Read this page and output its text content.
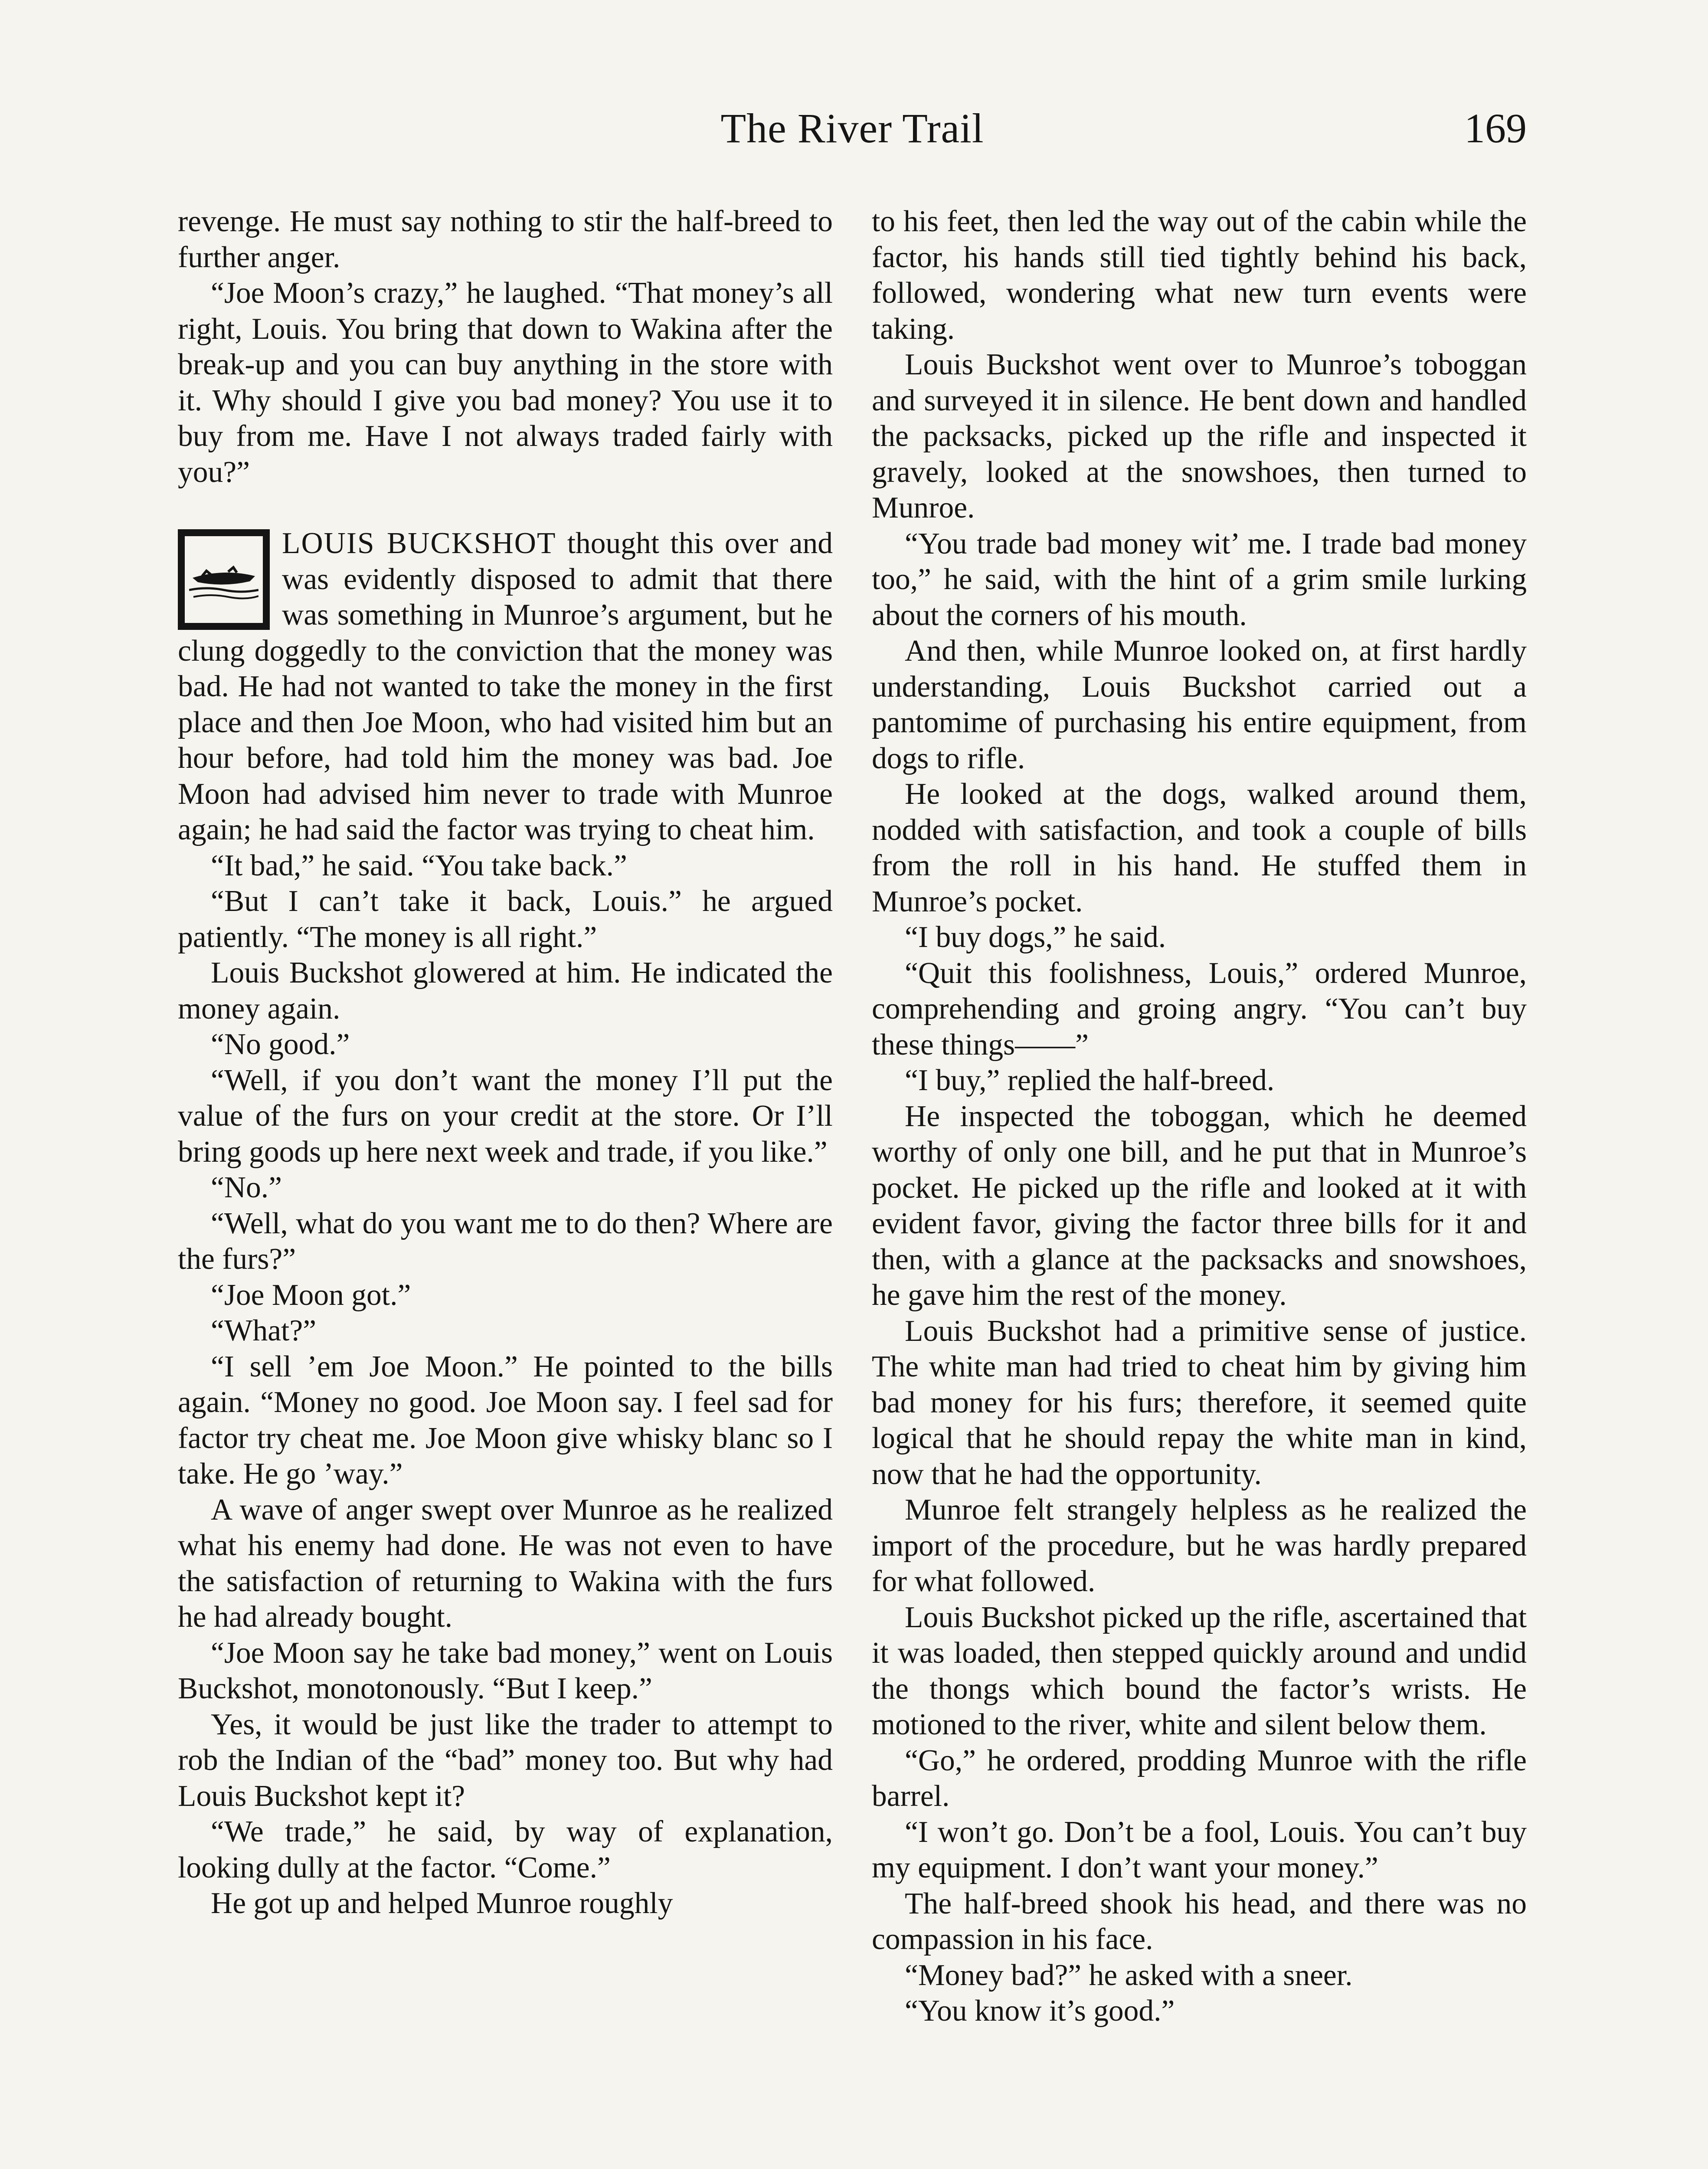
The River Trail	169

revenge. He must say nothing to stir the half-breed to further anger.

“Joe Moon’s crazy,” he laughed. “That money’s all right, Louis. You bring that down to Wakina after the break-up and you can buy anything in the store with it. Why should I give you bad money? You use it to buy from me. Have I not always traded fairly with you?”

LOUIS BUCKSHOT thought this over and was evidently disposed to admit that there was something in Munroe’s argument, but he clung doggedly to the conviction that the money was bad. He had not wanted to take the money in the first place and then Joe Moon, who had visited him but an hour before, had told him the money was bad. Joe Moon had advised him never to trade with Munroe again; he had said the factor was trying to cheat him.

“It bad,” he said. “You take back.”

“But I can’t take it back, Louis.” he argued patiently. “The money is all right.”

Louis Buckshot glowered at him. He indicated the money again.

“No good.”

“Well, if you don’t want the money I’ll put the value of the furs on your credit at the store. Or I’ll bring goods up here next week and trade, if you like.”

“No.”

“Well, what do you want me to do then? Where are the furs?”

“Joe Moon got.”

“What?”

“I sell ’em Joe Moon.” He pointed to the bills again. “Money no good. Joe Moon say. I feel sad for factor try cheat me. Joe Moon give whisky blanc so I take. He go ’way.”

A wave of anger swept over Munroe as he realized what his enemy had done. He was not even to have the satisfaction of returning to Wakina with the furs he had already bought.

“Joe Moon say he take bad money,” went on Louis Buckshot, monotonously. “But I keep.”

Yes, it would be just like the trader to attempt to rob the Indian of the “bad” money too. But why had Louis Buckshot kept it?

“We trade,” he said, by way of explanation, looking dully at the factor. “Come.”

He got up and helped Munroe roughly

to his feet, then led the way out of the cabin while the factor, his hands still tied tightly behind his back, followed, wondering what new turn events were taking.

Louis Buckshot went over to Munroe’s toboggan and surveyed it in silence. He bent down and handled the packsacks, picked up the rifle and inspected it gravely, looked at the snowshoes, then turned to Munroe.

“You trade bad money wit’ me. I trade bad money too,” he said, with the hint of a grim smile lurking about the corners of his mouth.

And then, while Munroe looked on, at first hardly understanding, Louis Buckshot carried out a pantomime of purchasing his entire equipment, from dogs to rifle.

He looked at the dogs, walked around them, nodded with satisfaction, and took a couple of bills from the roll in his hand. He stuffed them in Munroe’s pocket.

“I buy dogs,” he said.

“Quit this foolishness, Louis,” ordered Munroe, comprehending and groing angry. “You can’t buy these things——”

“I buy,” replied the half-breed.

He inspected the toboggan, which he deemed worthy of only one bill, and he put that in Munroe’s pocket. He picked up the rifle and looked at it with evident favor, giving the factor three bills for it and then, with a glance at the packsacks and snowshoes, he gave him the rest of the money.

Louis Buckshot had a primitive sense of justice. The white man had tried to cheat him by giving him bad money for his furs; therefore, it seemed quite logical that he should repay the white man in kind, now that he had the opportunity.

Munroe felt strangely helpless as he realized the import of the procedure, but he was hardly prepared for what followed.

Louis Buckshot picked up the rifle, ascertained that it was loaded, then stepped quickly around and undid the thongs which bound the factor’s wrists. He motioned to the river, white and silent below them.

“Go,” he ordered, prodding Munroe with the rifle barrel.

“I won’t go. Don’t be a fool, Louis. You can’t buy my equipment. I don’t want your money.”

The half-breed shook his head, and there was no compassion in his face.

“Money bad?” he asked with a sneer.

“You know it’s good.”
